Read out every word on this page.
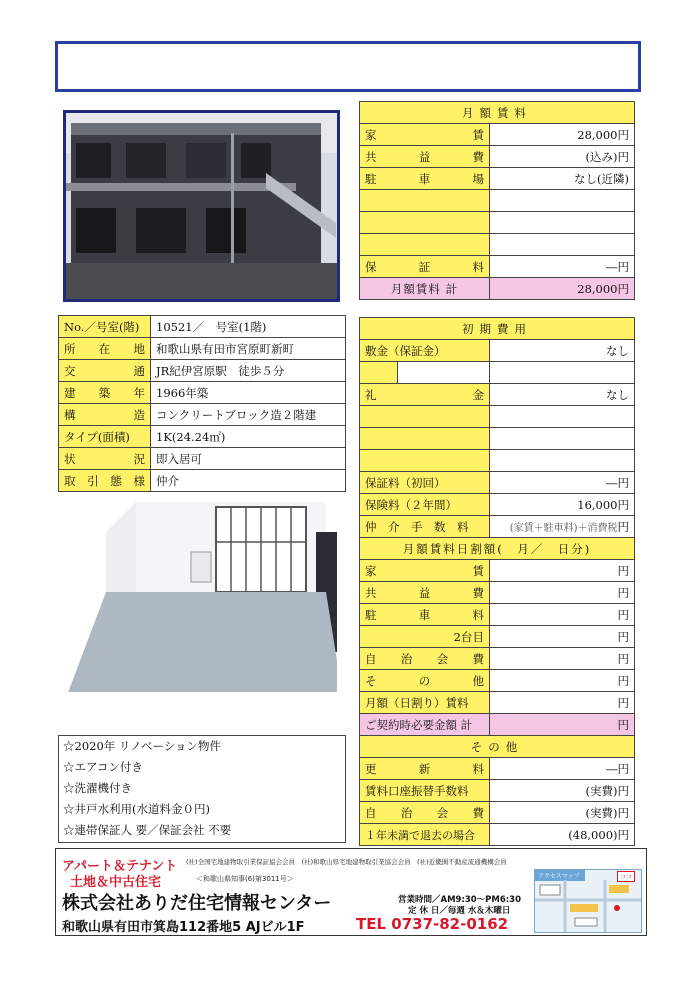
月額賃料	
家　　　　　賃	28,000円
共　　益　　費	(込み)円
駐　　車　　場	なし(近隣)

保　　証　　料	―円
月額賃料 計	28,000円
No.／号室(階)	10521／　号室(1階)
所　在　地	和歌山県有田市宮原町新町
交　　　通	JR紀伊宮原駅　徒歩５分
建　築　年	1966年築
構　　　造	コンクリートブロック造２階建
タイプ(面積)	1K(24.24㎡)
状　　　況	即入居可
取引態様	仲介
初期費用		
敷金（保証金）		なし

礼　　　　　金		なし

保証料（初回）		―円
保険料（２年間）		16,000円
仲　介　手　数　料		(家賃＋駐車料)＋消費税円
月額賃料日割額(　月／　日分)	
家　　　　　賃	円
共　　益　　費	円
駐　　車　　料	円
2台目	円
自　治　会　費	円
そ　　の　　他	円
月額（日割り）賃料	円
ご契約時必要金額 計	円
その他	
更　　新　　料	―円
賃料口座振替手数料	(実費)円
自　治　会　費	(実費)円
１年未満で退去の場合	(48,000)円
☆2020年 リノベーション物件
☆エアコン付き
☆洗濯機付き
☆井戸水利用(水道料金０円)
☆連帯保証人 要／保証会社 不要
アパート＆テナント
土地＆中古住宅
(社)全国宅地建物取引業保証協会会員　(社)和歌山県宅地建物取引業協会会員　(社)近畿圏不動産流通機構会員
＜和歌山県知事(6)第3011号＞
株式会社ありだ住宅情報センター
和歌山県有田市箕島112番地5 AJビル1F
営業時間／AM9:30～PM6:30
定 休 日／毎週 水＆木曜日
TEL 0737-82-0162
アクセスマップ	ココ
